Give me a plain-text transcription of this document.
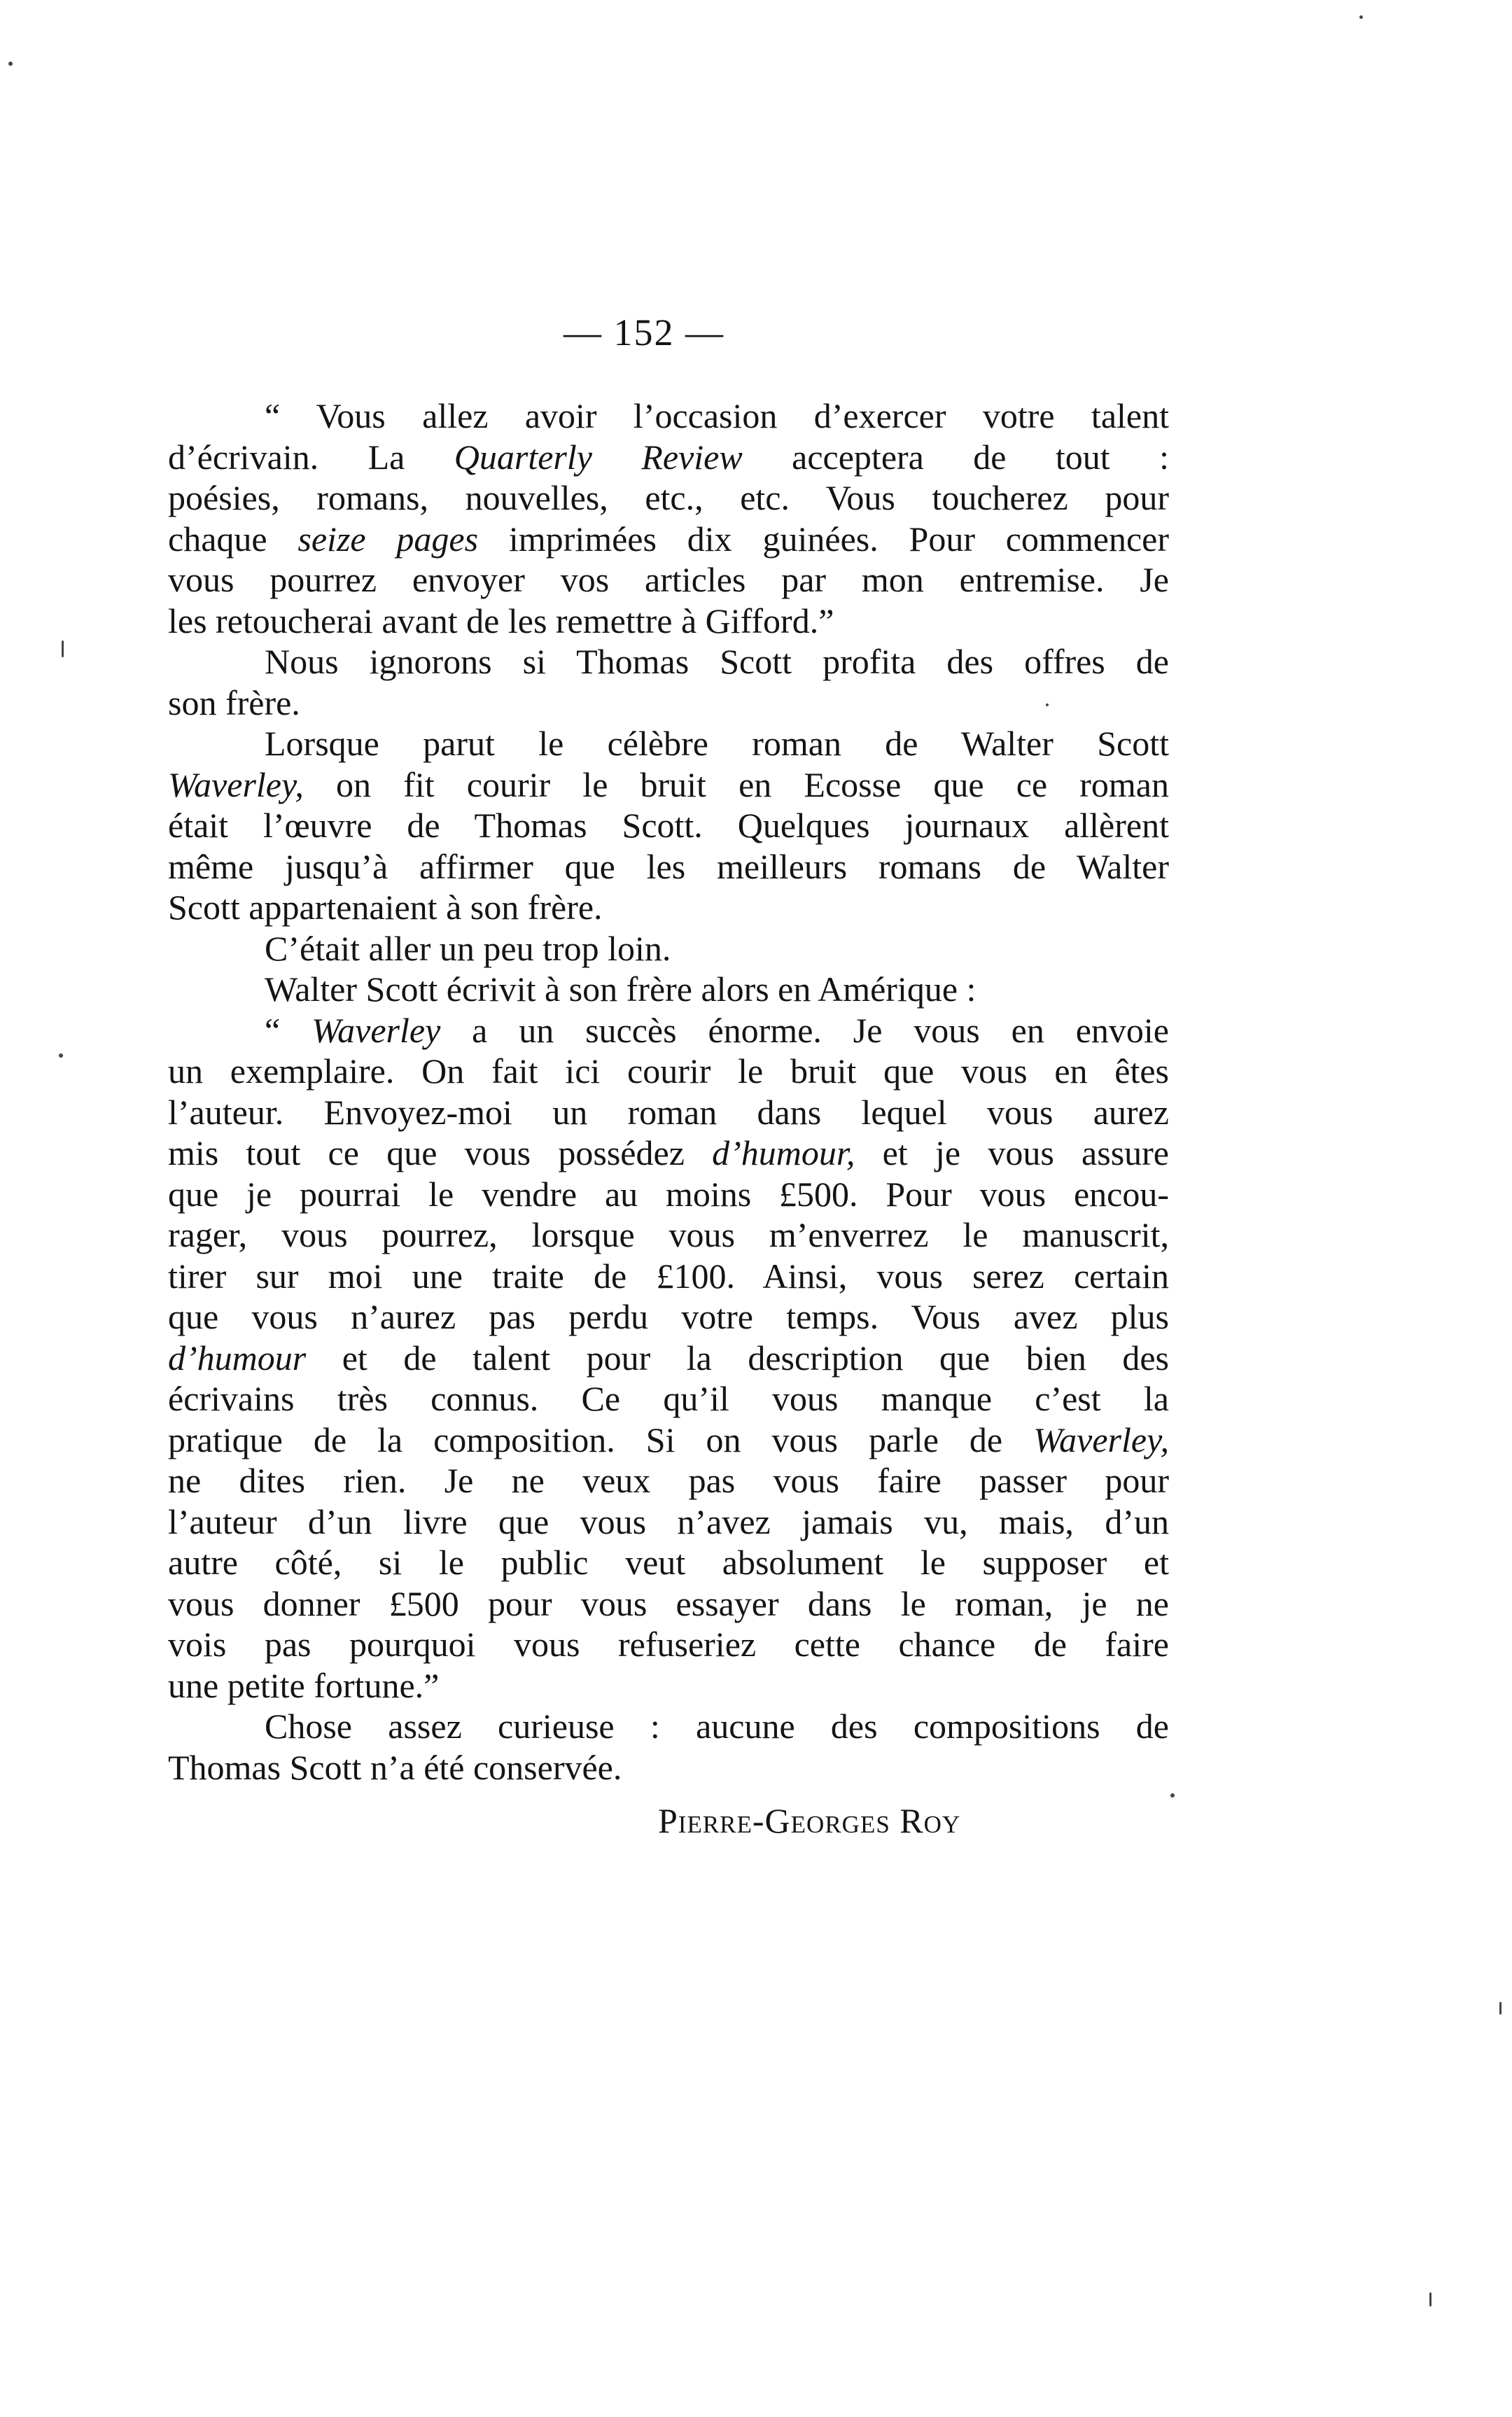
— 152 —
“ Vous allez avoir l’occasion d’exercer votre talent
d’écrivain. La Quarterly Review acceptera de tout :
poésies, romans, nouvelles, etc., etc. Vous toucherez pour
chaque seize pages imprimées dix guinées. Pour commencer
vous pourrez envoyer vos articles par mon entremise. Je
les retoucherai avant de les remettre à Gifford.”
Nous ignorons si Thomas Scott profita des offres de
son frère.
Lorsque parut le célèbre roman de Walter Scott
Waverley, on fit courir le bruit en Ecosse que ce roman
était l’œuvre de Thomas Scott. Quelques journaux allèrent
même jusqu’à affirmer que les meilleurs romans de Walter
Scott appartenaient à son frère.
C’était aller un peu trop loin.
Walter Scott écrivit à son frère alors en Amérique :
“ Waverley a un succès énorme. Je vous en envoie
un exemplaire. On fait ici courir le bruit que vous en êtes
l’auteur. Envoyez-moi un roman dans lequel vous aurez
mis tout ce que vous possédez d’humour, et je vous assure
que je pourrai le vendre au moins £500. Pour vous encou-
rager, vous pourrez, lorsque vous m’enverrez le manuscrit,
tirer sur moi une traite de £100. Ainsi, vous serez certain
que vous n’aurez pas perdu votre temps. Vous avez plus
d’humour et de talent pour la description que bien des
écrivains très connus. Ce qu’il vous manque c’est la
pratique de la composition. Si on vous parle de Waverley,
ne dites rien. Je ne veux pas vous faire passer pour
l’auteur d’un livre que vous n’avez jamais vu, mais, d’un
autre côté, si le public veut absolument le supposer et
vous donner £500 pour vous essayer dans le roman, je ne
vois pas pourquoi vous refuseriez cette chance de faire
une petite fortune.”
Chose assez curieuse : aucune des compositions de
Thomas Scott n’a été conservée.
Pierre-Georges Roy
